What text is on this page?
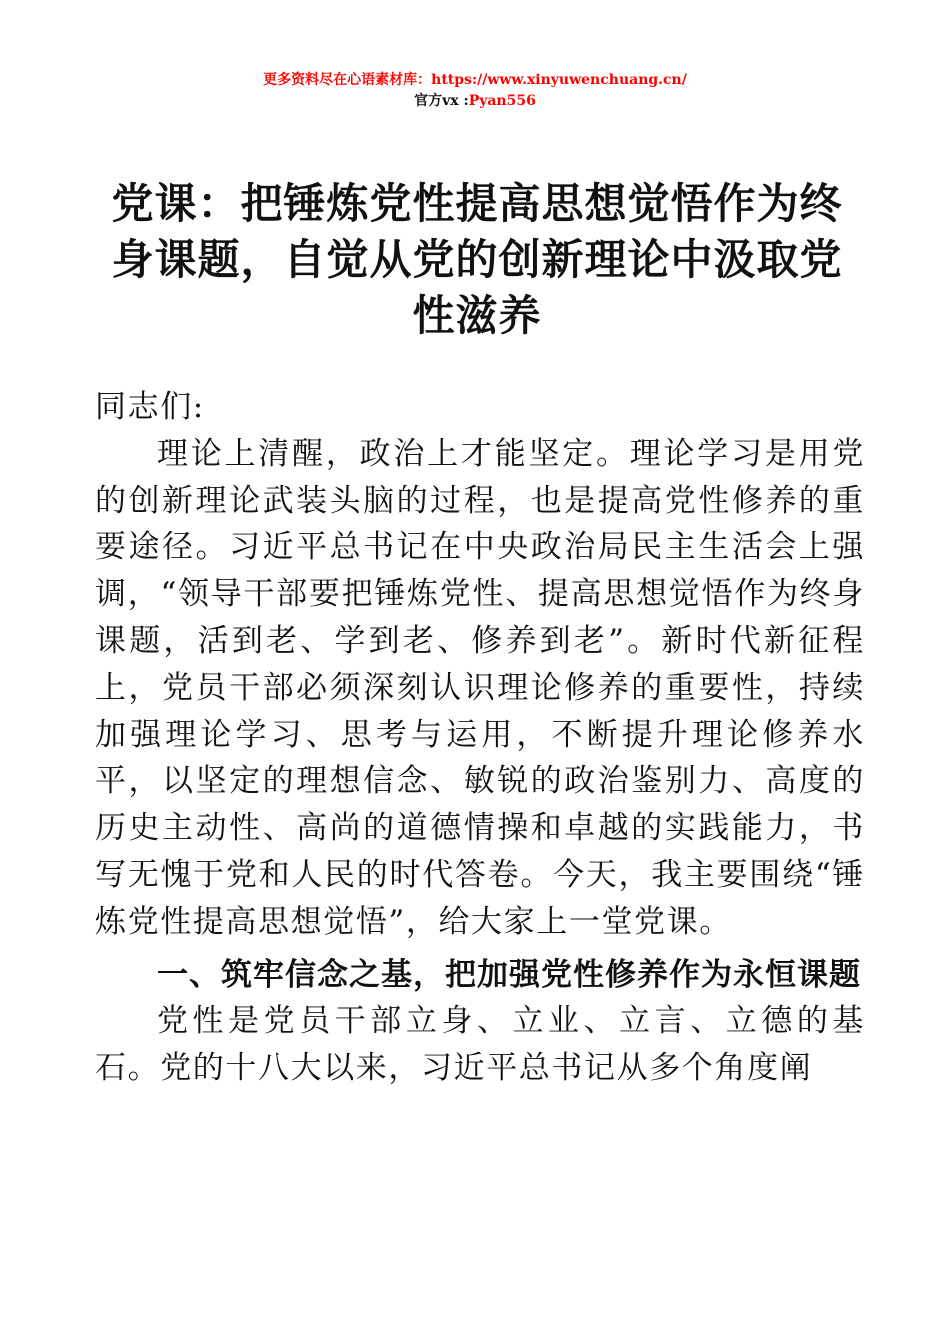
更多资料尽在心语素材库：https://www.xinyuwenchuang.cn/
官方vx :Pyan556
党课：把锤炼党性提高思想觉悟作为终身课题，自觉从党的创新理论中汲取党性滋养

同志们:

理论上清醒，政治上才能坚定。理论学习是用党的创新理论武装头脑的过程，也是提高党性修养的重要途径。习近平总书记在中央政治局民主生活会上强调，“领导干部要把锤炼党性、提高思想觉悟作为终身课题，活到老、学到老、修养到老”。新时代新征程上，党员干部必须深刻认识理论修养的重要性，持续加强理论学习、思考与运用，不断提升理论修养水平，以坚定的理想信念、敏锐的政治鉴别力、高度的历史主动性、高尚的道德情操和卓越的实践能力，书写无愧于党和人民的时代答卷。今天，我主要围绕“锤炼党性提高思想觉悟”，给大家上一堂党课。

一、筑牢信念之基，把加强党性修养作为永恒课题

党性是党员干部立身、立业、立言、立德的基石。党的十八大以来，习近平总书记从多个角度阐
